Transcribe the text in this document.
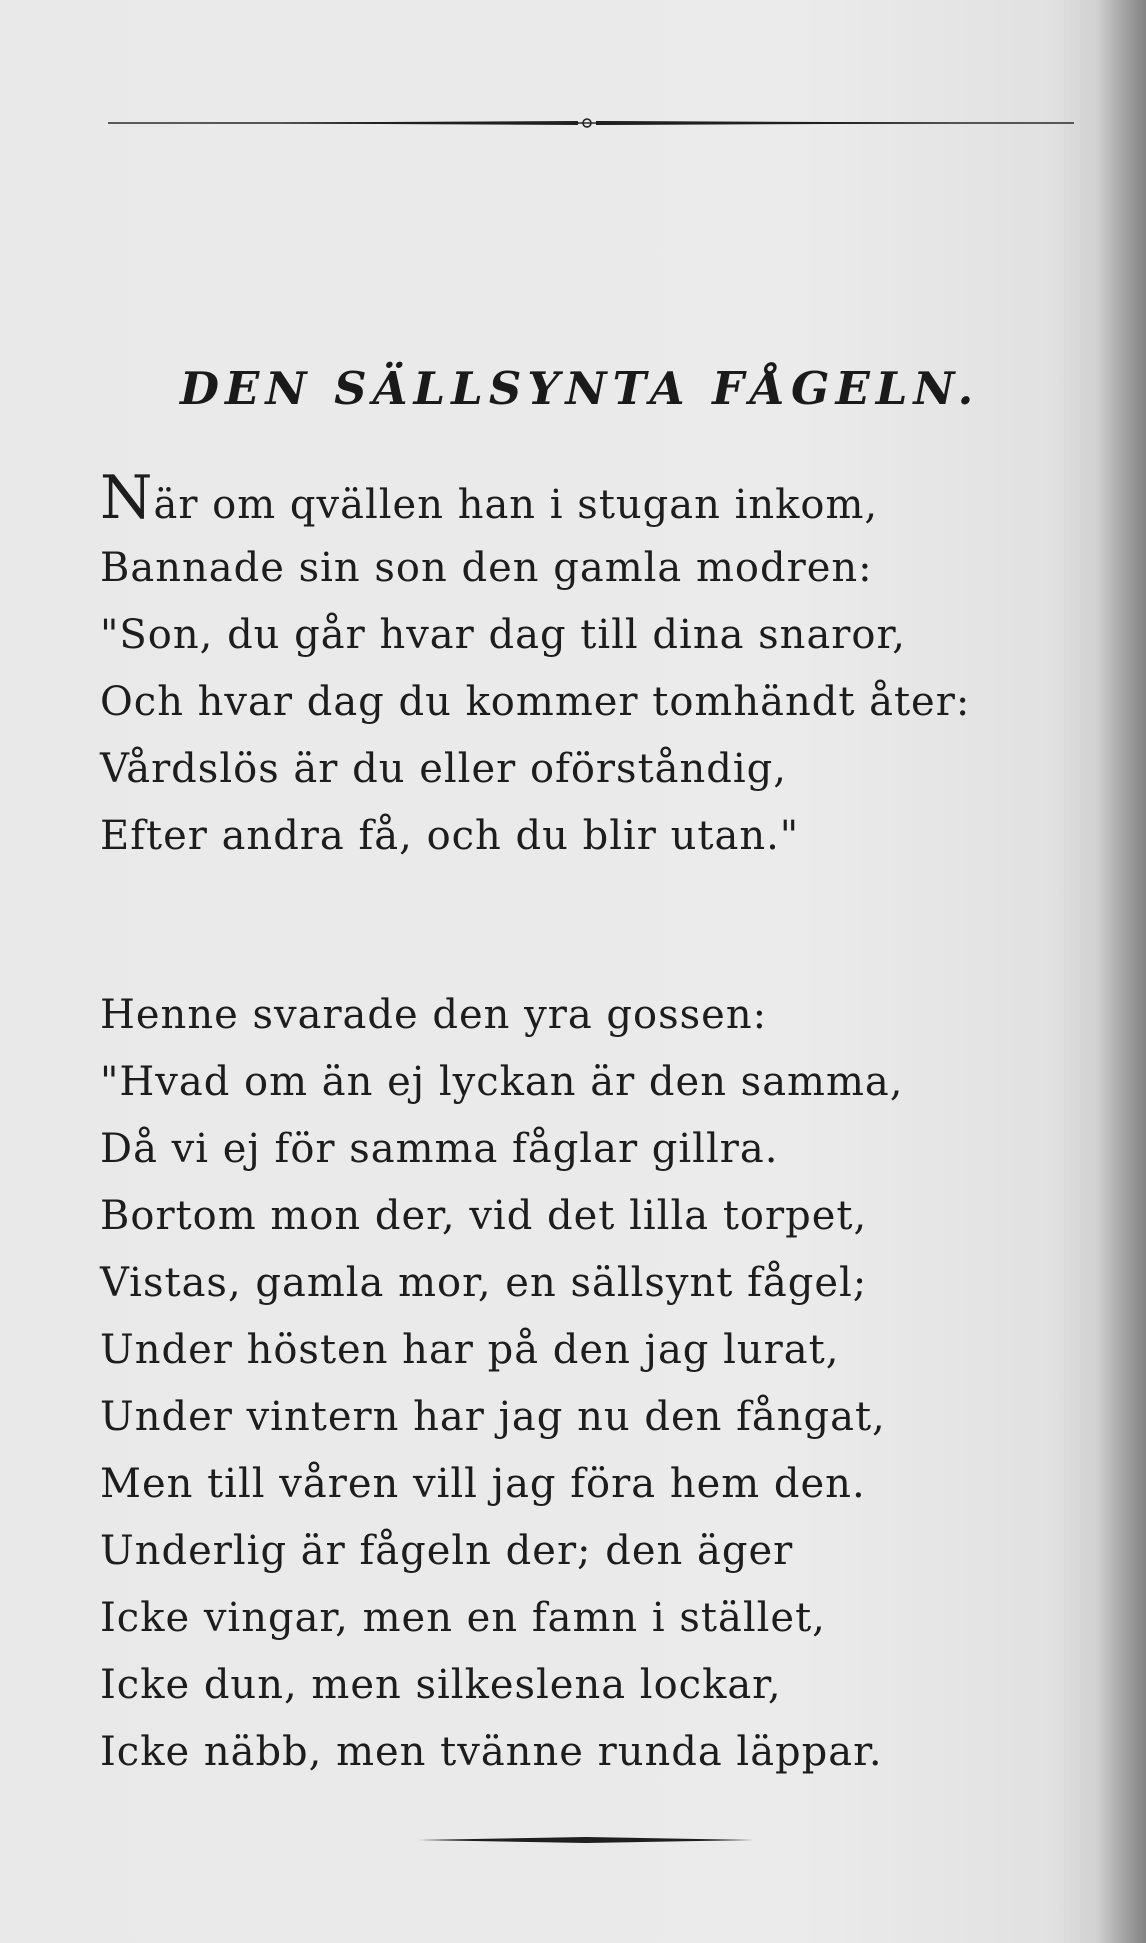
DEN SÄLLSYNTA FÅGELN.
När om qvällen han i stugan inkom,
Bannade sin son den gamla modren:
"Son, du går hvar dag till dina snaror,
Och hvar dag du kommer tomhändt åter:
Vårdslös är du eller oförståndig,
Efter andra få, och du blir utan."
Henne svarade den yra gossen:
"Hvad om än ej lyckan är den samma,
Då vi ej för samma fåglar gillra.
Bortom mon der, vid det lilla torpet,
Vistas, gamla mor, en sällsynt fågel;
Under hösten har på den jag lurat,
Under vintern har jag nu den fångat,
Men till våren vill jag föra hem den.
Underlig är fågeln der; den äger
Icke vingar, men en famn i stället,
Icke dun, men silkeslena lockar,
Icke näbb, men tvänne runda läppar.
